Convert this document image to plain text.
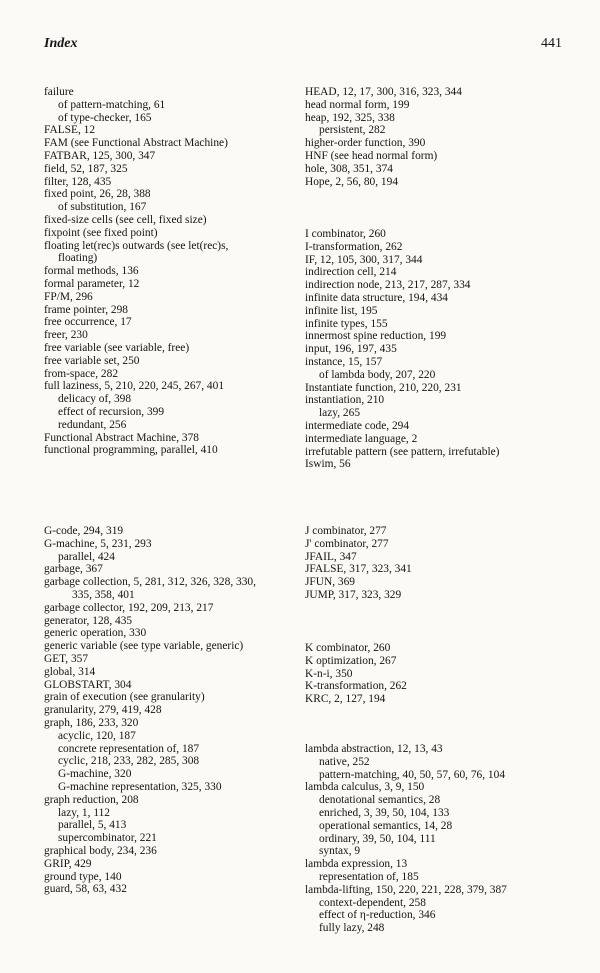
Index	441
failure
of pattern-matching, 61
of type-checker, 165
FALSE, 12
FAM (see Functional Abstract Machine)
FATBAR, 125, 300, 347
field, 52, 187, 325
filter, 128, 435
fixed point, 26, 28, 388
of substitution, 167
fixed-size cells (see cell, fixed size)
fixpoint (see fixed point)
floating let(rec)s outwards (see let(rec)s,
floating)
formal methods, 136
formal parameter, 12
FP/M, 296
frame pointer, 298
free occurrence, 17
freer, 230
free variable (see variable, free)
free variable set, 250
from-space, 282
full laziness, 5, 210, 220, 245, 267, 401
delicacy of, 398
effect of recursion, 399
redundant, 256
Functional Abstract Machine, 378
functional programming, parallel, 410
G-code, 294, 319
G-machine, 5, 231, 293
parallel, 424
garbage, 367
garbage collection, 5, 281, 312, 326, 328, 330,
335, 358, 401
garbage collector, 192, 209, 213, 217
generator, 128, 435
generic operation, 330
generic variable (see type variable, generic)
GET, 357
global, 314
GLOBSTART, 304
grain of execution (see granularity)
granularity, 279, 419, 428
graph, 186, 233, 320
acyclic, 120, 187
concrete representation of, 187
cyclic, 218, 233, 282, 285, 308
G-machine, 320
G-machine representation, 325, 330
graph reduction, 208
lazy, 1, 112
parallel, 5, 413
supercombinator, 221
graphical body, 234, 236
GRIP, 429
ground type, 140
guard, 58, 63, 432
HEAD, 12, 17, 300, 316, 323, 344
head normal form, 199
heap, 192, 325, 338
persistent, 282
higher-order function, 390
HNF (see head normal form)
hole, 308, 351, 374
Hope, 2, 56, 80, 194
I combinator, 260
I-transformation, 262
IF, 12, 105, 300, 317, 344
indirection cell, 214
indirection node, 213, 217, 287, 334
infinite data structure, 194, 434
infinite list, 195
infinite types, 155
innermost spine reduction, 199
input, 196, 197, 435
instance, 15, 157
of lambda body, 207, 220
Instantiate function, 210, 220, 231
instantiation, 210
lazy, 265
intermediate code, 294
intermediate language, 2
irrefutable pattern (see pattern, irrefutable)
Iswim, 56
J combinator, 277
J' combinator, 277
JFAIL, 347
JFALSE, 317, 323, 341
JFUN, 369
JUMP, 317, 323, 329
K combinator, 260
K optimization, 267
K-n-i, 350
K-transformation, 262
KRC, 2, 127, 194
lambda abstraction, 12, 13, 43
native, 252
pattern-matching, 40, 50, 57, 60, 76, 104
lambda calculus, 3, 9, 150
denotational semantics, 28
enriched, 3, 39, 50, 104, 133
operational semantics, 14, 28
ordinary, 39, 50, 104, 111
syntax, 9
lambda expression, 13
representation of, 185
lambda-lifting, 150, 220, 221, 228, 379, 387
context-dependent, 258
effect of η-reduction, 346
fully lazy, 248
